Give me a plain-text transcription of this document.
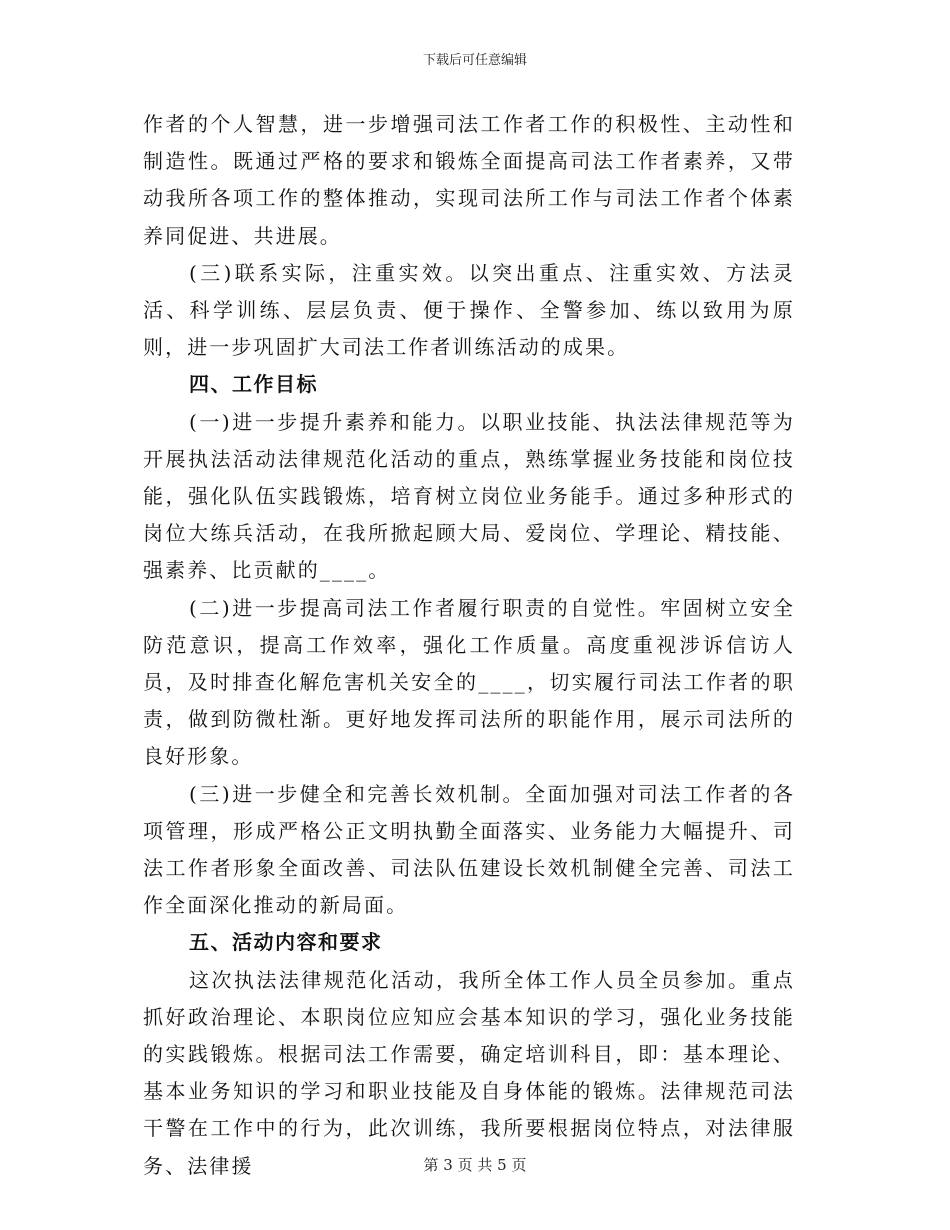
下载后可任意编辑

作者的个人智慧，进一步增强司法工作者工作的积极性、主动性和制造性。既通过严格的要求和锻炼全面提高司法工作者素养，又带动我所各项工作的整体推动，实现司法所工作与司法工作者个体素养同促进、共进展。

(三)联系实际，注重实效。以突出重点、注重实效、方法灵活、科学训练、层层负责、便于操作、全警参加、练以致用为原则，进一步巩固扩大司法工作者训练活动的成果。

四、工作目标

(一)进一步提升素养和能力。以职业技能、执法法律规范等为开展执法活动法律规范化活动的重点，熟练掌握业务技能和岗位技能，强化队伍实践锻炼，培育树立岗位业务能手。通过多种形式的岗位大练兵活动，在我所掀起顾大局、爱岗位、学理论、精技能、强素养、比贡献的____。

(二)进一步提高司法工作者履行职责的自觉性。牢固树立安全防范意识，提高工作效率，强化工作质量。高度重视涉诉信访人员，及时排查化解危害机关安全的____，切实履行司法工作者的职责，做到防微杜渐。更好地发挥司法所的职能作用，展示司法所的良好形象。

(三)进一步健全和完善长效机制。全面加强对司法工作者的各项管理，形成严格公正文明执勤全面落实、业务能力大幅提升、司法工作者形象全面改善、司法队伍建设长效机制健全完善、司法工作全面深化推动的新局面。

五、活动内容和要求

这次执法法律规范化活动，我所全体工作人员全员参加。重点抓好政治理论、本职岗位应知应会基本知识的学习，强化业务技能的实践锻炼。根据司法工作需要，确定培训科目，即：基本理论、基本业务知识的学习和职业技能及自身体能的锻炼。法律规范司法干警在工作中的行为，此次训练，我所要根据岗位特点，对法律服务、法律援	第 3 页 共 5 页
